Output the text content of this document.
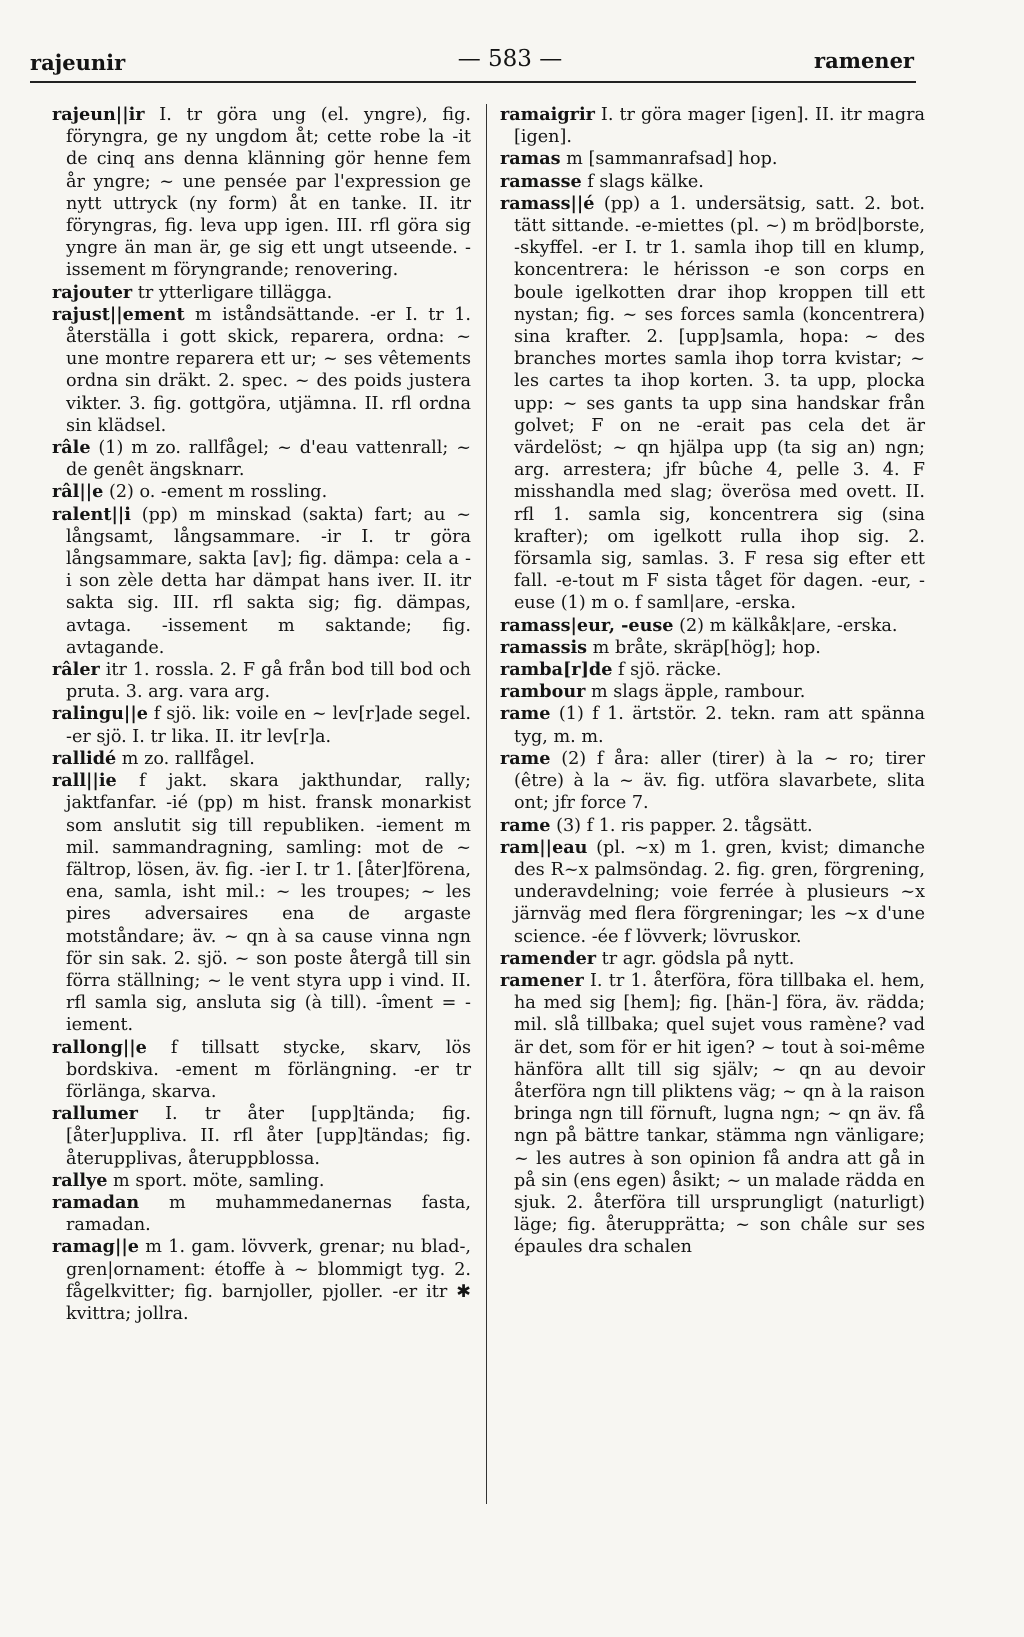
rajeunir	— 583 —	ramener

rajeun||ir I. tr göra ung (el. yngre), fig. föryngra, ge ny ungdom åt; cette robe la -it de cinq ans denna klänning gör henne fem år yngre; ~ une pensée par l'expression ge nytt uttryck (ny form) åt en tanke. II. itr föryngras, fig. leva upp igen. III. rfl göra sig yngre än man är, ge sig ett ungt utseende. -issement m föryngrande; renovering.

rajouter tr ytterligare tillägga.

rajust||ement m iståndsättande. -er I. tr 1. återställa i gott skick, reparera, ordna: ~ une montre reparera ett ur; ~ ses vêtements ordna sin dräkt. 2. spec. ~ des poids justera vikter. 3. fig. gottgöra, utjämna. II. rfl ordna sin klädsel.

râle (1) m zo. rallfågel; ~ d'eau vattenrall; ~ de genêt ängsknarr.

râl||e (2) o. -ement m rossling.

ralent||i (pp) m minskad (sakta) fart; au ~ långsamt, långsammare. -ir I. tr göra långsammare, sakta [av]; fig. dämpa: cela a -i son zèle detta har dämpat hans iver. II. itr sakta sig. III. rfl sakta sig; fig. dämpas, avtaga. -issement m saktande; fig. avtagande.

râler itr 1. rossla. 2. F gå från bod till bod och pruta. 3. arg. vara arg.

ralingu||e f sjö. lik: voile en ~ lev[r]ade segel. -er sjö. I. tr lika. II. itr lev[r]a.

rallidé m zo. rallfågel.

rall||ie f jakt. skara jakthundar, rally; jaktfanfar. -ié (pp) m hist. fransk monarkist som anslutit sig till republiken. -iement m mil. sammandragning, samling: mot de ~ fältrop, lösen, äv. fig. -ier I. tr 1. [åter]förena, ena, samla, isht mil.: ~ les troupes; ~ les pires adversaires ena de argaste motståndare; äv. ~ qn à sa cause vinna ngn för sin sak. 2. sjö. ~ son poste återgå till sin förra ställning; ~ le vent styra upp i vind. II. rfl samla sig, ansluta sig (à till). -îment = -iement.

rallong||e f tillsatt stycke, skarv, lös bordskiva. -ement m förlängning. -er tr förlänga, skarva.

rallumer I. tr åter [upp]tända; fig. [åter]uppliva. II. rfl åter [upp]tändas; fig. återupplivas, återuppblossa.

rallye m sport. möte, samling.

ramadan m muhammedanernas fasta, ramadan.

ramag||e m 1. gam. lövverk, grenar; nu blad-, gren|ornament: étoffe à ~ blommigt tyg. 2. fågelkvitter; fig. barnjoller, pjoller. -er itr ✱ kvittra; jollra.

ramaigrir I. tr göra mager [igen]. II. itr magra [igen].

ramas m [sammanrafsad] hop.

ramasse f slags kälke.

ramass||é (pp) a 1. undersätsig, satt. 2. bot. tätt sittande. -e-miettes (pl. ~) m bröd|borste, -skyffel. -er I. tr 1. samla ihop till en klump, koncentrera: le hérisson -e son corps en boule igelkotten drar ihop kroppen till ett nystan; fig. ~ ses forces samla (koncentrera) sina krafter. 2. [upp]samla, hopa: ~ des branches mortes samla ihop torra kvistar; ~ les cartes ta ihop korten. 3. ta upp, plocka upp: ~ ses gants ta upp sina handskar från golvet; F on ne -erait pas cela det är värdelöst; ~ qn hjälpa upp (ta sig an) ngn; arg. arrestera; jfr bûche 4, pelle 3. 4. F misshandla med slag; överösa med ovett. II. rfl 1. samla sig, koncentrera sig (sina krafter); om igelkott rulla ihop sig. 2. församla sig, samlas. 3. F resa sig efter ett fall. -e-tout m F sista tåget för dagen. -eur, -euse (1) m o. f saml|are, -erska.

ramass|eur, -euse (2) m kälkåk|are, -erska.

ramassis m bråte, skräp[hög]; hop.

ramba[r]de f sjö. räcke.

rambour m slags äpple, rambour.

rame (1) f 1. ärtstör. 2. tekn. ram att spänna tyg, m. m.

rame (2) f åra: aller (tirer) à la ~ ro; tirer (être) à la ~ äv. fig. utföra slavarbete, slita ont; jfr force 7.

rame (3) f 1. ris papper. 2. tågsätt.

ram||eau (pl. ~x) m 1. gren, kvist; dimanche des R~x palmsöndag. 2. fig. gren, förgrening, underavdelning; voie ferrée à plusieurs ~x järnväg med flera förgreningar; les ~x d'une science. -ée f lövverk; lövruskor.

ramender tr agr. gödsla på nytt.

ramener I. tr 1. återföra, föra tillbaka el. hem, ha med sig [hem]; fig. [hän-] föra, äv. rädda; mil. slå tillbaka; quel sujet vous ramène? vad är det, som för er hit igen? ~ tout à soi-même hänföra allt till sig själv; ~ qn au devoir återföra ngn till pliktens väg; ~ qn à la raison bringa ngn till förnuft, lugna ngn; ~ qn äv. få ngn på bättre tankar, stämma ngn vänligare; ~ les autres à son opinion få andra att gå in på sin (ens egen) åsikt; ~ un malade rädda en sjuk. 2. återföra till ursprungligt (naturligt) läge; fig. återupprätta; ~ son châle sur ses épaules dra schalen
